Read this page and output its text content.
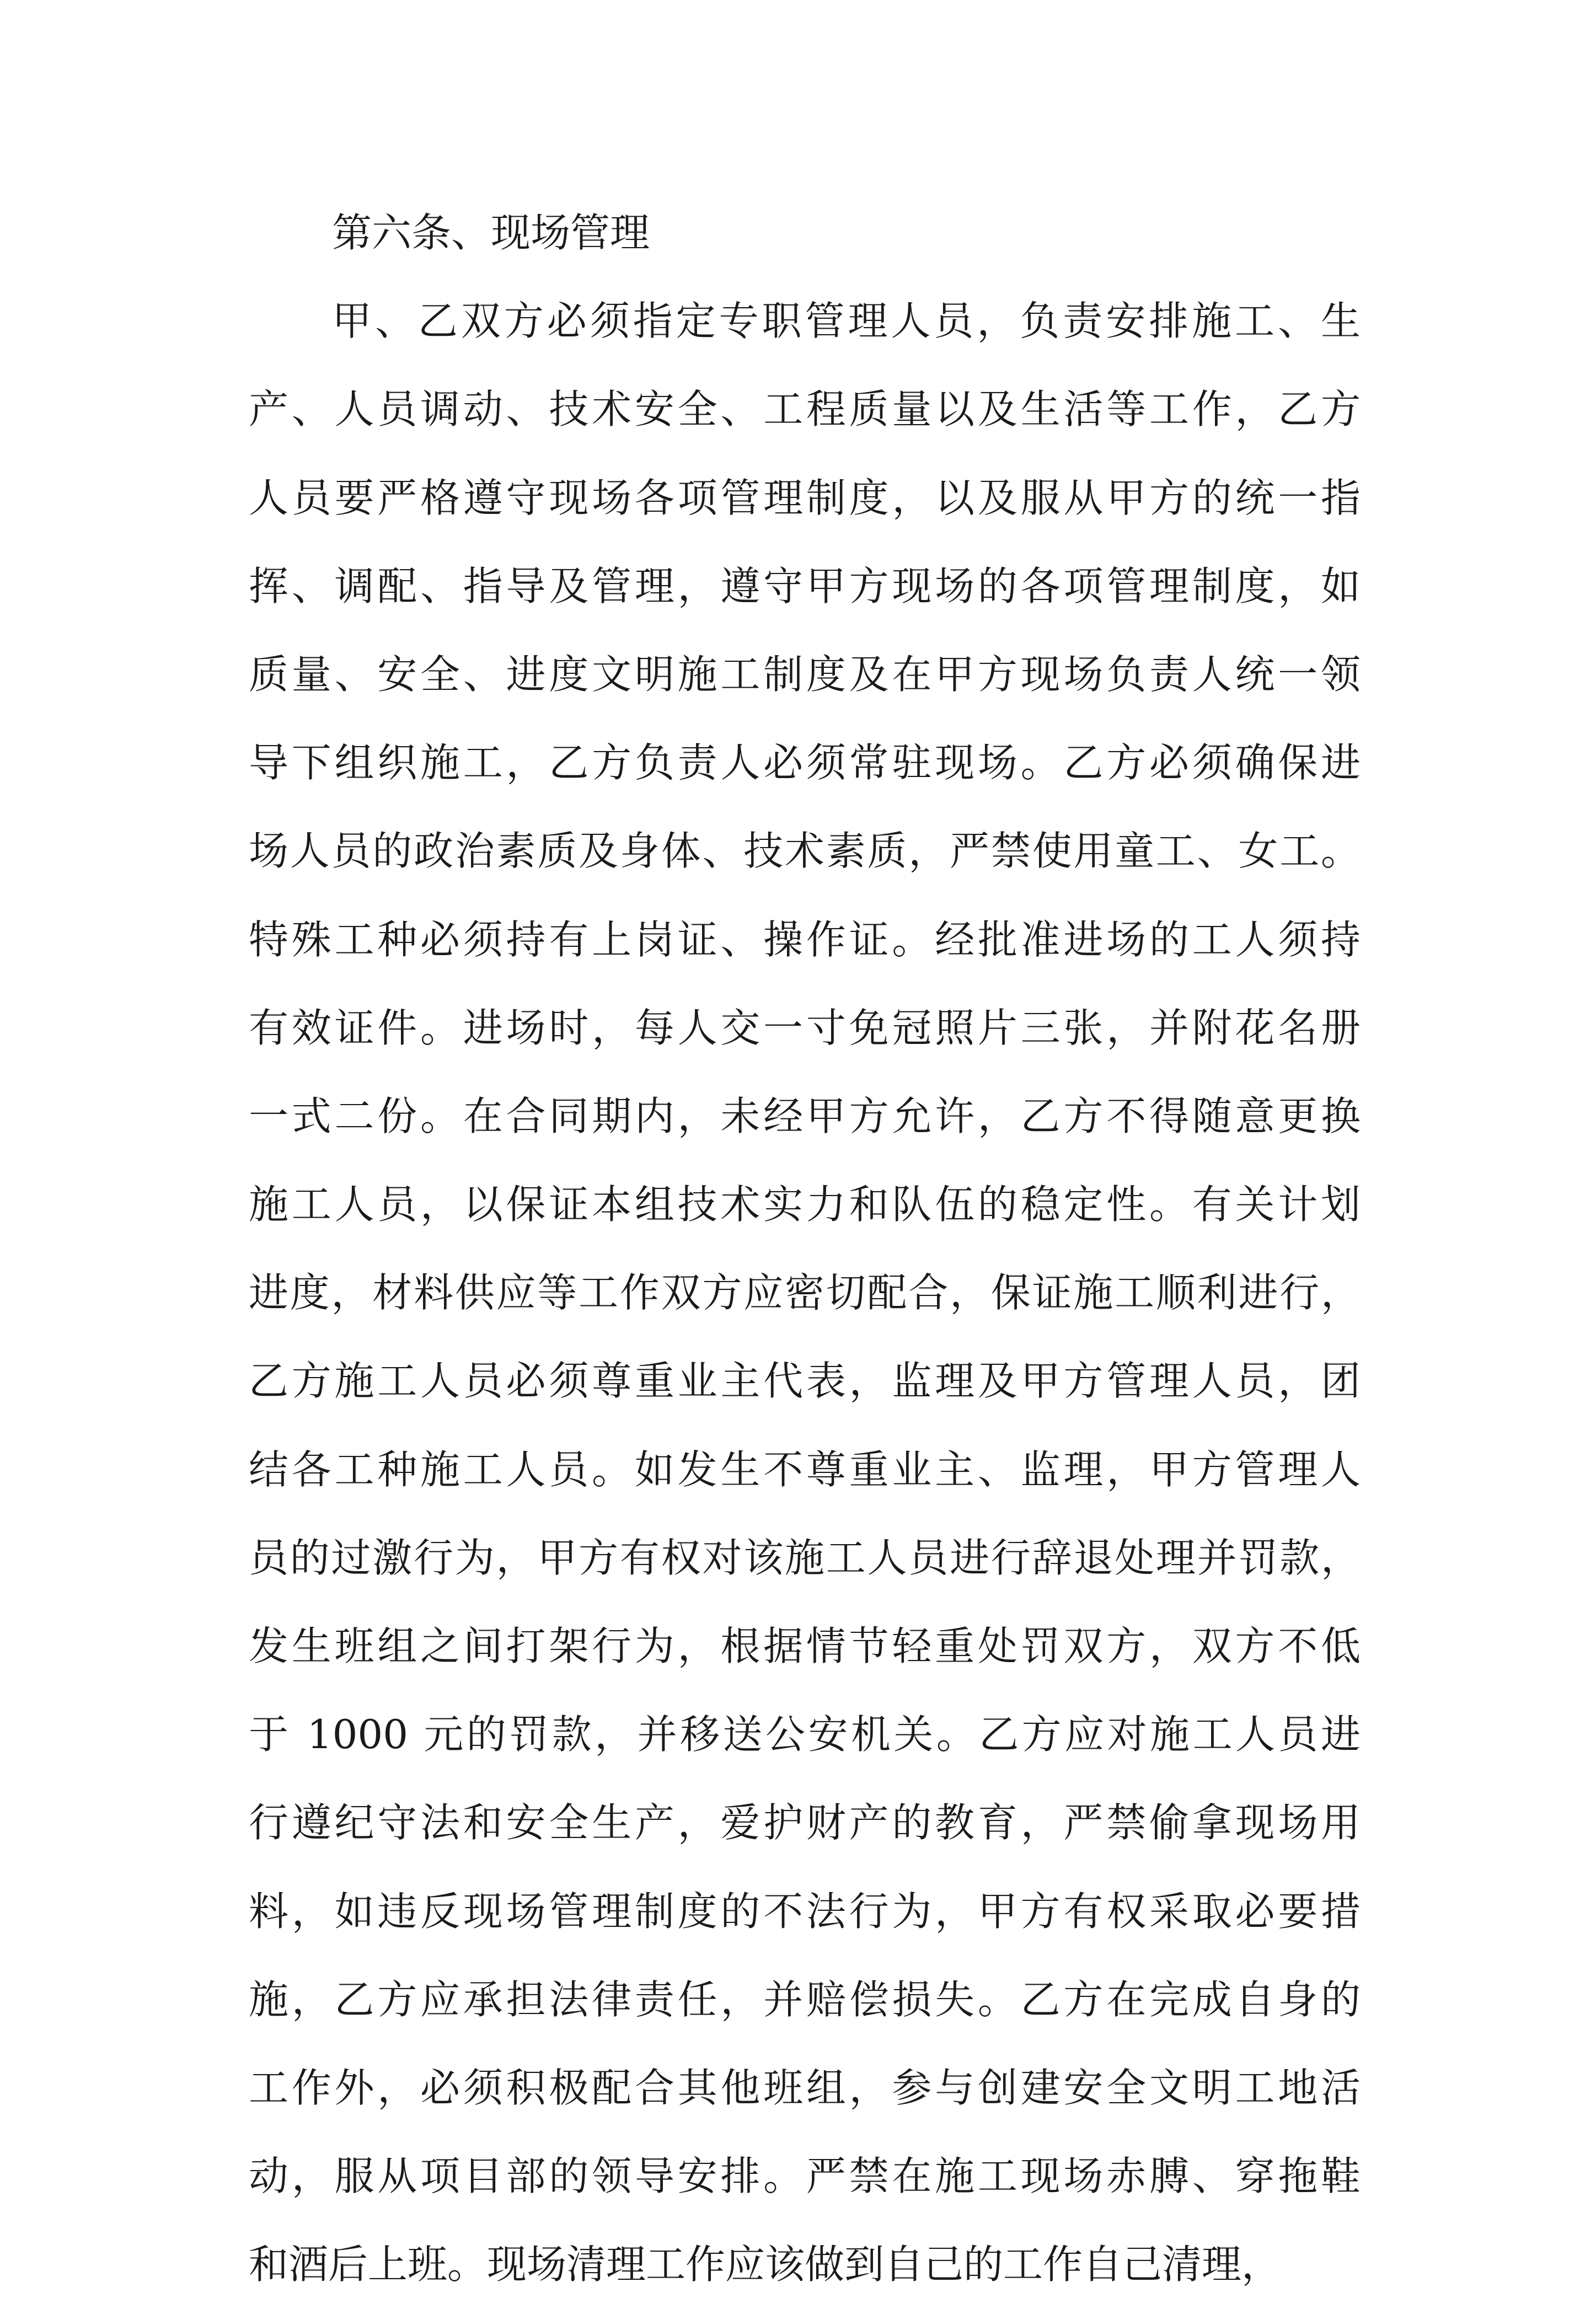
第六条、现场管理
甲、乙双方必须指定专职管理人员，负责安排施工、生
产、人员调动、技术安全、工程质量以及生活等工作，乙方
人员要严格遵守现场各项管理制度，以及服从甲方的统一指
挥、调配、指导及管理，遵守甲方现场的各项管理制度，如
质量、安全、进度文明施工制度及在甲方现场负责人统一领
导下组织施工，乙方负责人必须常驻现场。乙方必须确保进
场人员的政治素质及身体、技术素质，严禁使用童工、女工。
特殊工种必须持有上岗证、操作证。经批准进场的工人须持
有效证件。进场时，每人交一寸免冠照片三张，并附花名册
一式二份。在合同期内，未经甲方允许，乙方不得随意更换
施工人员，以保证本组技术实力和队伍的稳定性。有关计划
进度，材料供应等工作双方应密切配合，保证施工顺利进行，
乙方施工人员必须尊重业主代表，监理及甲方管理人员，团
结各工种施工人员。如发生不尊重业主、监理，甲方管理人
员的过激行为，甲方有权对该施工人员进行辞退处理并罚款，
发生班组之间打架行为，根据情节轻重处罚双方，双方不低
于 1000 元的罚款，并移送公安机关。乙方应对施工人员进
行遵纪守法和安全生产，爱护财产的教育，严禁偷拿现场用
料，如违反现场管理制度的不法行为，甲方有权采取必要措
施，乙方应承担法律责任，并赔偿损失。乙方在完成自身的
工作外，必须积极配合其他班组，参与创建安全文明工地活
动，服从项目部的领导安排。严禁在施工现场赤膊、穿拖鞋
和酒后上班。现场清理工作应该做到自己的工作自己清理，
